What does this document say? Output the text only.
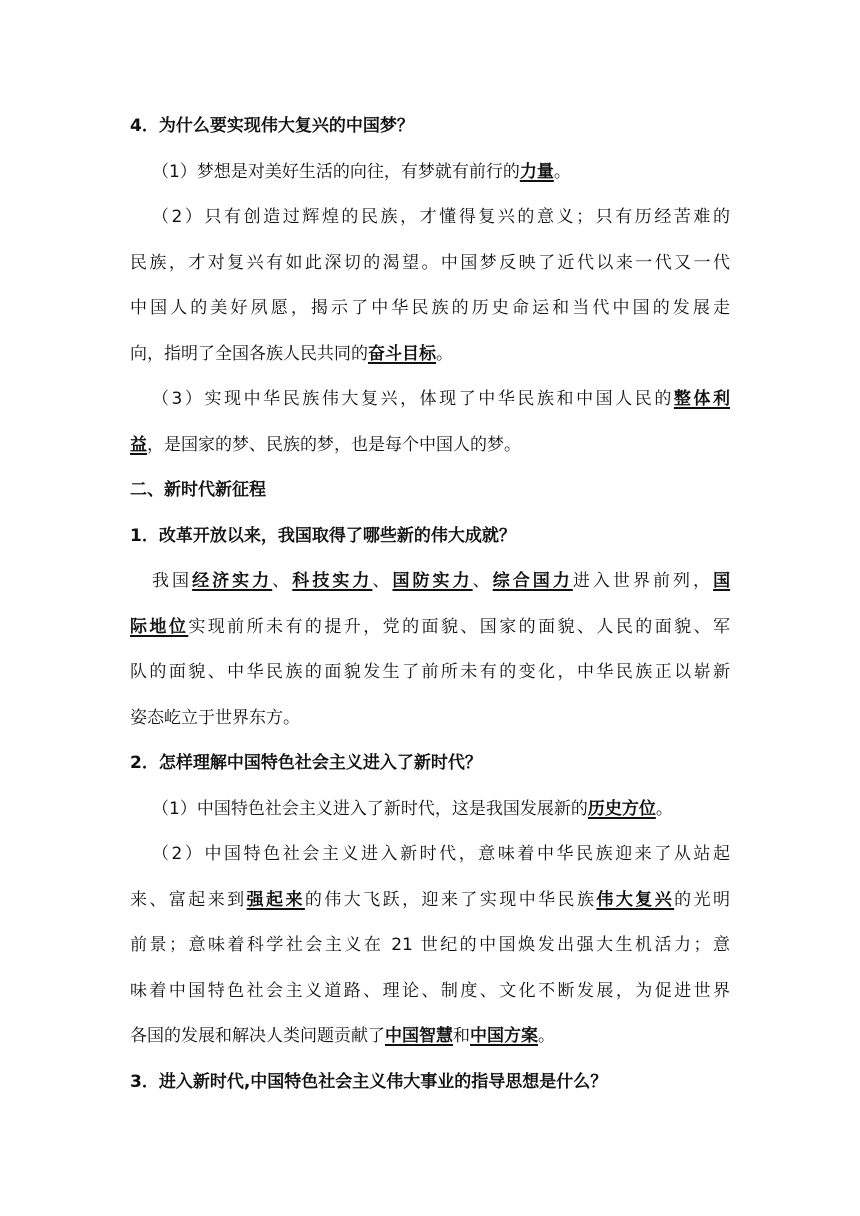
4．为什么要实现伟大复兴的中国梦？
（1）梦想是对美好生活的向往，有梦就有前行的力量。
（2）只有创造过辉煌的民族，才懂得复兴的意义；只有历经苦难的
民族，才对复兴有如此深切的渴望。中国梦反映了近代以来一代又一代
中国人的美好夙愿，揭示了中华民族的历史命运和当代中国的发展走
向，指明了全国各族人民共同的奋斗目标。
（3）实现中华民族伟大复兴，体现了中华民族和中国人民的整体利
益，是国家的梦、民族的梦，也是每个中国人的梦。
二、新时代新征程
1．改革开放以来，我国取得了哪些新的伟大成就？
我国经济实力、科技实力、国防实力、综合国力进入世界前列，国
际地位实现前所未有的提升，党的面貌、国家的面貌、人民的面貌、军
队的面貌、中华民族的面貌发生了前所未有的变化，中华民族正以崭新
姿态屹立于世界东方。
2．怎样理解中国特色社会主义进入了新时代？
（1）中国特色社会主义进入了新时代，这是我国发展新的历史方位。
（2）中国特色社会主义进入新时代，意味着中华民族迎来了从站起
来、富起来到强起来的伟大飞跃，迎来了实现中华民族伟大复兴的光明
前景；意味着科学社会主义在 21 世纪的中国焕发出强大生机活力；意
味着中国特色社会主义道路、理论、制度、文化不断发展，为促进世界
各国的发展和解决人类问题贡献了中国智慧和中国方案。
3．进入新时代,中国特色社会主义伟大事业的指导思想是什么？
